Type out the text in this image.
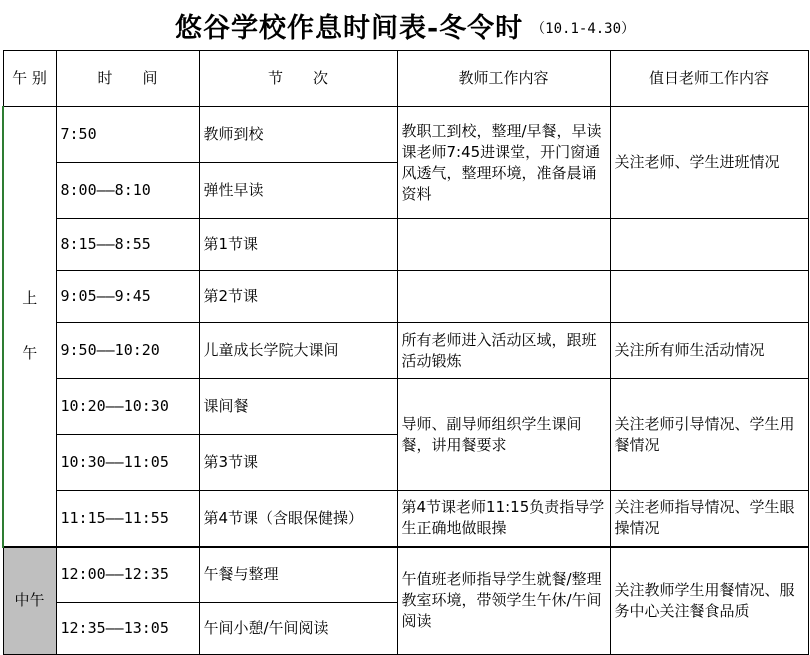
悠谷学校作息时间表-冬令时 （10.1-4.30）
午 别	时　　间	节　　次	教师工作内容	值日老师工作内容

上
午	7:50	教师到校	教职工到校，整理/早餐，早读课老师7:45进课堂，开门窗通风透气，整理环境，准备晨诵资料	关注老师、学生进班情况
	8:00——8:10	弹性早读		
	8:15——8:55	第1节课		
	9:05——9:45	第2节课		
	9:50——10:20	儿童成长学院大课间	所有老师进入活动区域，跟班活动锻炼	关注所有师生活动情况
	10:20——10:30	课间餐	导师、副导师组织学生课间餐，讲用餐要求	关注老师引导情况、学生用餐情况
	10:30——11:05	第3节课		
	11:15——11:55	第4节课（含眼保健操）	第4节课老师11:15负责指导学生正确地做眼操	关注老师指导情况、学生眼操情况
中午	12:00——12:35	午餐与整理	午值班老师指导学生就餐/整理教室环境，带领学生午休/午间阅读	关注教师学生用餐情况、服务中心关注餐食品质
	12:35——13:05	午间小憩/午间阅读		
